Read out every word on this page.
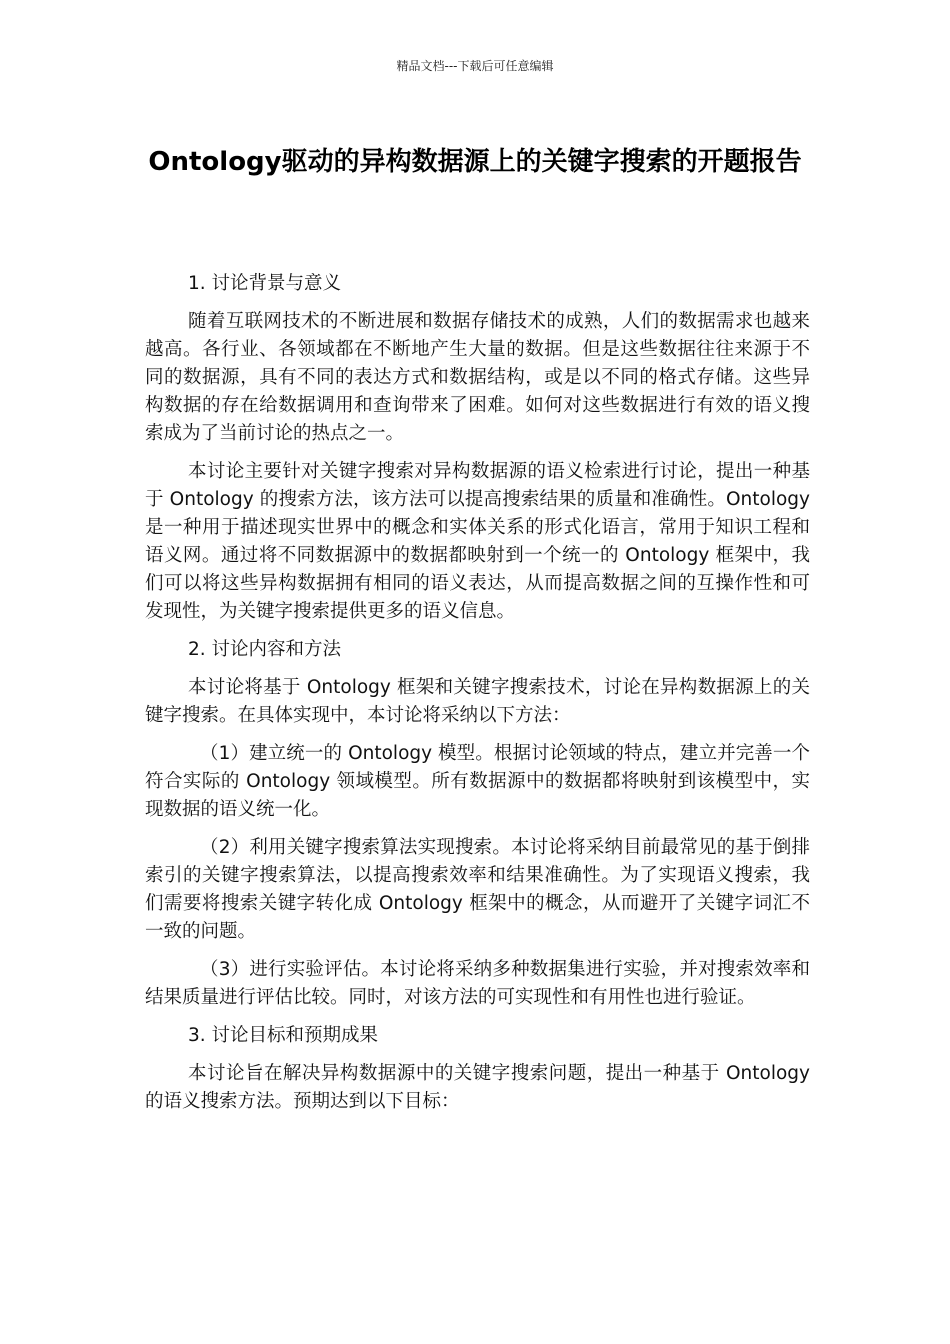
精品文档---下载后可任意编辑
Ontology驱动的异构数据源上的关键字搜索的开题报告
1. 讨论背景与意义

随着互联网技术的不断进展和数据存储技术的成熟，人们的数据需求也越来越高。各行业、各领域都在不断地产生大量的数据。但是这些数据往往来源于不同的数据源，具有不同的表达方式和数据结构，或是以不同的格式存储。这些异构数据的存在给数据调用和查询带来了困难。如何对这些数据进行有效的语义搜索成为了当前讨论的热点之一。

本讨论主要针对关键字搜索对异构数据源的语义检索进行讨论，提出一种基于 Ontology 的搜索方法，该方法可以提高搜索结果的质量和准确性。Ontology 是一种用于描述现实世界中的概念和实体关系的形式化语言，常用于知识工程和语义网。通过将不同数据源中的数据都映射到一个统一的 Ontology 框架中，我们可以将这些异构数据拥有相同的语义表达，从而提高数据之间的互操作性和可发现性，为关键字搜索提供更多的语义信息。

2. 讨论内容和方法

本讨论将基于 Ontology 框架和关键字搜索技术，讨论在异构数据源上的关键字搜索。在具体实现中，本讨论将采纳以下方法：

（1）建立统一的 Ontology 模型。根据讨论领域的特点，建立并完善一个符合实际的 Ontology 领域模型。所有数据源中的数据都将映射到该模型中，实现数据的语义统一化。

（2）利用关键字搜索算法实现搜索。本讨论将采纳目前最常见的基于倒排索引的关键字搜索算法，以提高搜索效率和结果准确性。为了实现语义搜索，我们需要将搜索关键字转化成 Ontology 框架中的概念，从而避开了关键字词汇不一致的问题。

（3）进行实验评估。本讨论将采纳多种数据集进行实验，并对搜索效率和结果质量进行评估比较。同时，对该方法的可实现性和有用性也进行验证。

3. 讨论目标和预期成果

本讨论旨在解决异构数据源中的关键字搜索问题，提出一种基于 Ontology 的语义搜索方法。预期达到以下目标：
